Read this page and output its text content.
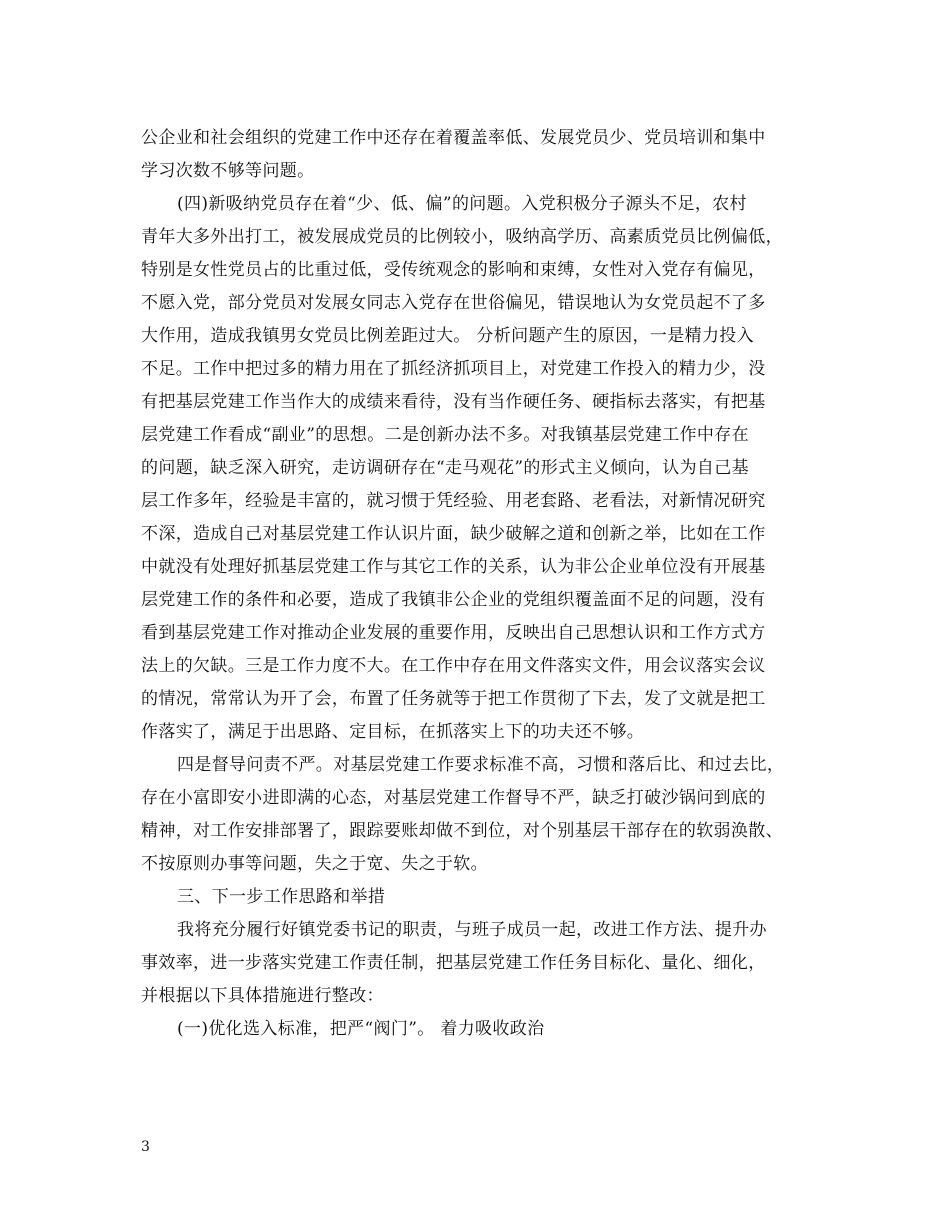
公企业和社会组织的党建工作中还存在着覆盖率低、发展党员少、党员培训和集中
学习次数不够等问题。
(四)新吸纳党员存在着“少、低、偏”的问题。入党积极分子源头不足，农村
青年大多外出打工，被发展成党员的比例较小，吸纳高学历、高素质党员比例偏低，
特别是女性党员占的比重过低，受传统观念的影响和束缚，女性对入党存有偏见，
不愿入党，部分党员对发展女同志入党存在世俗偏见，错误地认为女党员起不了多
大作用，造成我镇男女党员比例差距过大。 分析问题产生的原因，一是精力投入
不足。工作中把过多的精力用在了抓经济抓项目上，对党建工作投入的精力少，没
有把基层党建工作当作大的成绩来看待，没有当作硬任务、硬指标去落实，有把基
层党建工作看成“副业”的思想。二是创新办法不多。对我镇基层党建工作中存在
的问题，缺乏深入研究，走访调研存在“走马观花”的形式主义倾向，认为自己基
层工作多年，经验是丰富的，就习惯于凭经验、用老套路、老看法，对新情况研究
不深，造成自己对基层党建工作认识片面，缺少破解之道和创新之举，比如在工作
中就没有处理好抓基层党建工作与其它工作的关系，认为非公企业单位没有开展基
层党建工作的条件和必要，造成了我镇非公企业的党组织覆盖面不足的问题，没有
看到基层党建工作对推动企业发展的重要作用，反映出自己思想认识和工作方式方
法上的欠缺。三是工作力度不大。在工作中存在用文件落实文件，用会议落实会议
的情况，常常认为开了会，布置了任务就等于把工作贯彻了下去，发了文就是把工
作落实了，满足于出思路、定目标，在抓落实上下的功夫还不够。
四是督导问责不严。对基层党建工作要求标准不高，习惯和落后比、和过去比，
存在小富即安小进即满的心态，对基层党建工作督导不严，缺乏打破沙锅问到底的
精神，对工作安排部署了，跟踪要账却做不到位，对个别基层干部存在的软弱涣散、
不按原则办事等问题，失之于宽、失之于软。
三、下一步工作思路和举措
我将充分履行好镇党委书记的职责，与班子成员一起，改进工作方法、提升办
事效率，进一步落实党建工作责任制，把基层党建工作任务目标化、量化、细化，
并根据以下具体措施进行整改：
(一)优化选入标准，把严“阀门”。 着力吸收政治
3
